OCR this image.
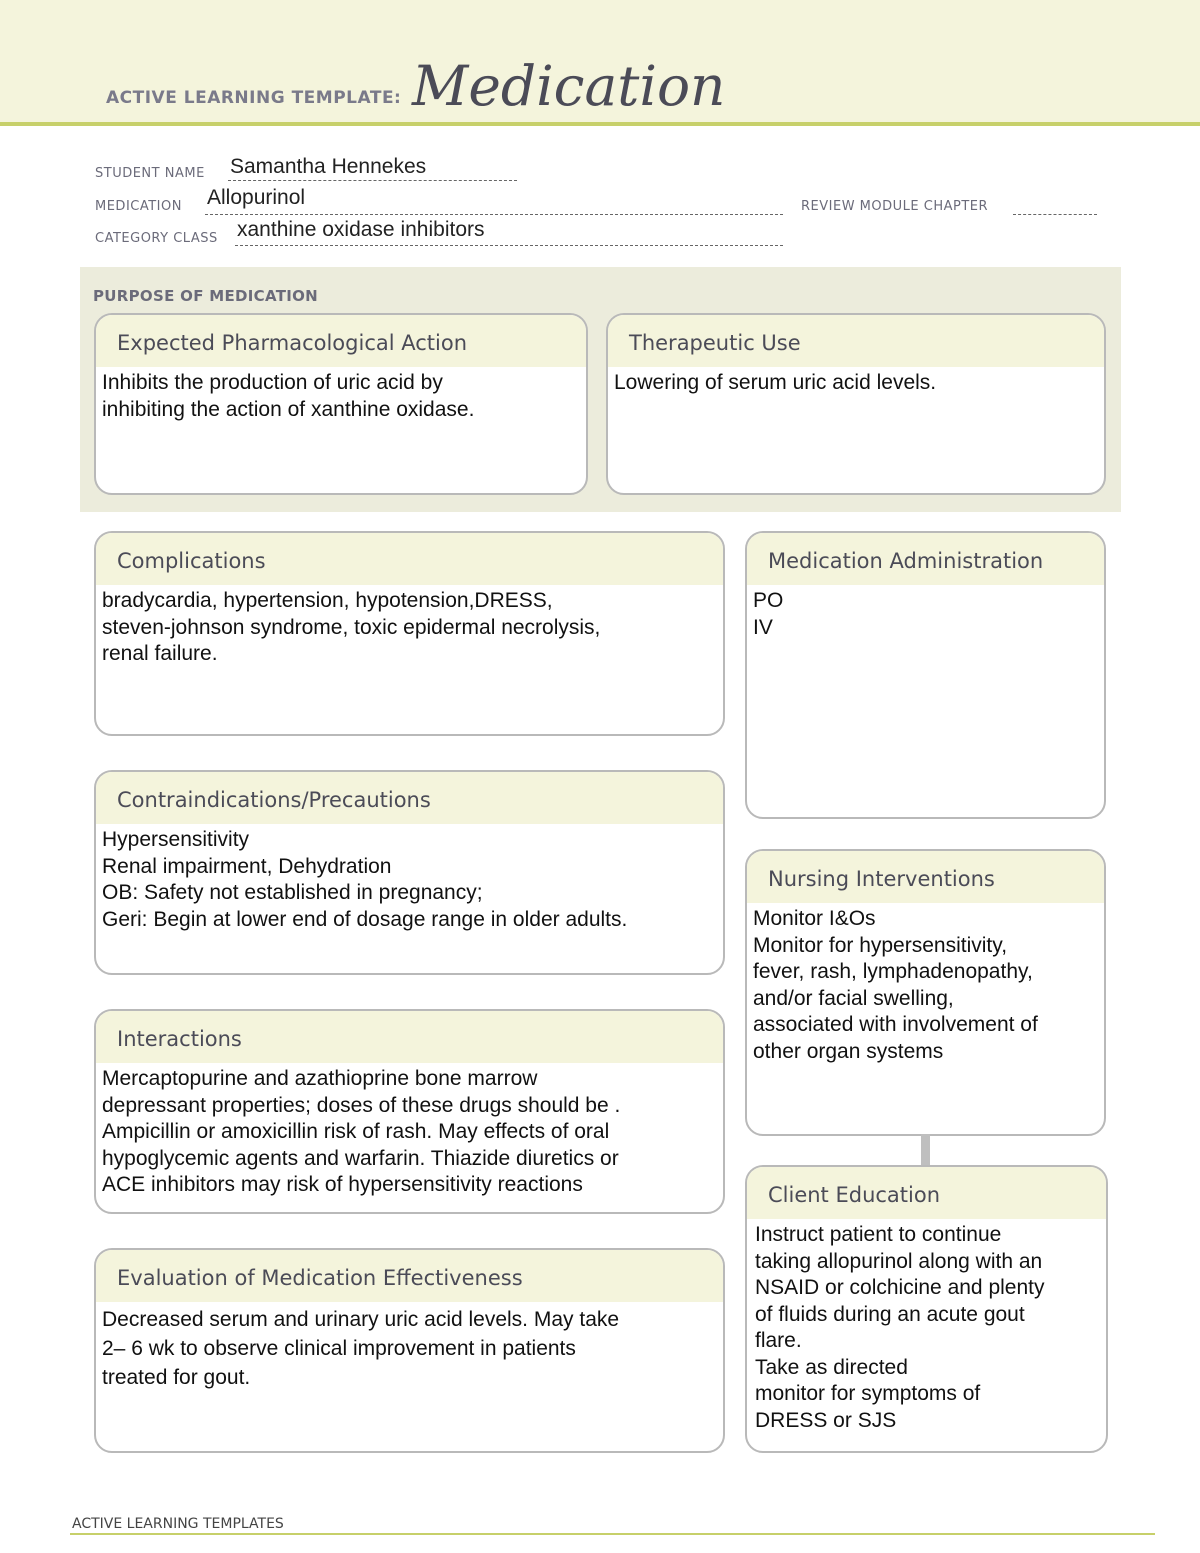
ACTIVE LEARNING TEMPLATE: Medication
STUDENT NAME Samantha Hennekes
MEDICATION Allopurinol	REVIEW MODULE CHAPTER
CATEGORY CLASS xanthine oxidase inhibitors
PURPOSE OF MEDICATION
Expected Pharmacological Action
Inhibits the production of uric acid by
inhibiting the action of xanthine oxidase.
Therapeutic Use
Lowering of serum uric acid levels.
Complications
bradycardia, hypertension, hypotension,DRESS,
steven-johnson syndrome, toxic epidermal necrolysis,
renal failure.
Medication Administration
PO
IV
Contraindications/Precautions
Hypersensitivity
Renal impairment, Dehydration
OB: Safety not established in pregnancy;
Geri: Begin at lower end of dosage range in older adults.
Nursing Interventions
Monitor I&Os
Monitor for hypersensitivity,
fever, rash, lymphadenopathy,
and/or facial swelling,
associated with involvement of
other organ systems
Interactions
Mercaptopurine and azathioprine bone marrow
depressant properties; doses of these drugs should be .
Ampicillin or amoxicillin risk of rash. May effects of oral
hypoglycemic agents and warfarin. Thiazide diuretics or
ACE inhibitors may risk of hypersensitivity reactions	Client Education
Instruct patient to continue
taking allopurinol along with an
NSAID or colchicine and plenty
of fluids during an acute gout
flare.
Take as directed
monitor for symptoms of
DRESS or SJS
Evaluation of Medication Effectiveness
Decreased serum and urinary uric acid levels. May take
2– 6 wk to observe clinical improvement in patients
treated for gout.
ACTIVE LEARNING TEMPLATES
